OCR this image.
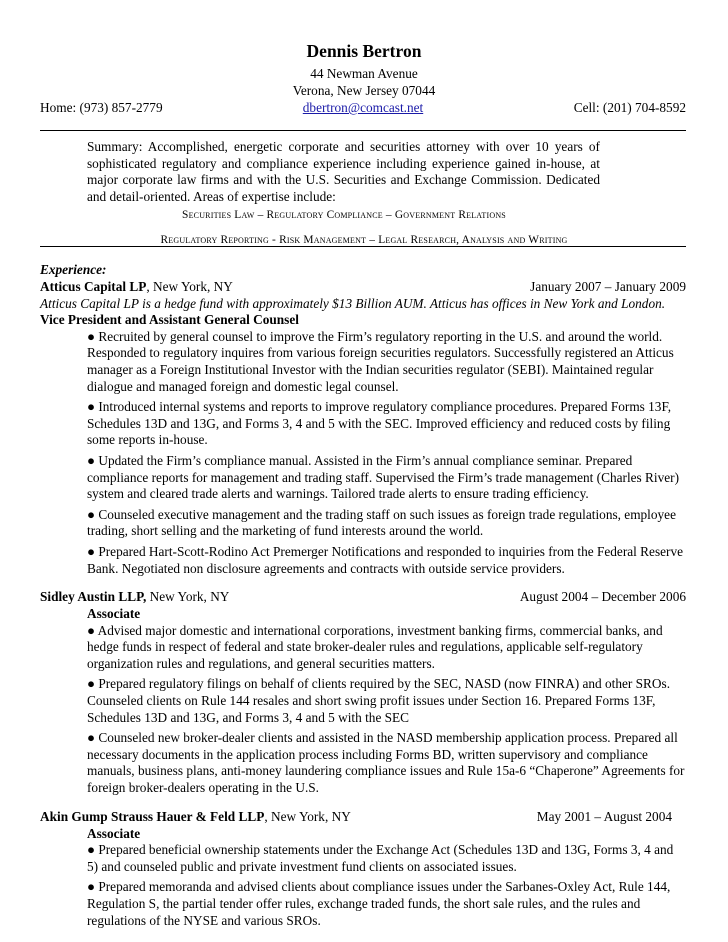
Dennis Bertron
44 Newman Avenue
Verona, New Jersey 07044
Home: (973) 857-2779	dbertron@comcast.net	Cell: (201) 704-8592
Summary: Accomplished, energetic corporate and securities attorney with over 10 years of sophisticated regulatory and compliance experience including experience gained in-house, at major corporate law firms and with the U.S. Securities and Exchange Commission. Dedicated and detail-oriented. Areas of expertise include:
Securities Law – Regulatory Compliance – Government Relations
Regulatory Reporting - Risk Management – Legal Research, Analysis and Writing
Experience:
Atticus Capital LP, New York, NY	January 2007 – January 2009
Atticus Capital LP is a hedge fund with approximately $13 Billion AUM. Atticus has offices in New York and London.
Vice President and Assistant General Counsel
● Recruited by general counsel to improve the Firm’s regulatory reporting in the U.S. and around the world. Responded to regulatory inquires from various foreign securities regulators. Successfully registered an Atticus manager as a Foreign Institutional Investor with the Indian securities regulator (SEBI). Maintained regular dialogue and managed foreign and domestic legal counsel.
● Introduced internal systems and reports to improve regulatory compliance procedures. Prepared Forms 13F, Schedules 13D and 13G, and Forms 3, 4 and 5 with the SEC. Improved efficiency and reduced costs by filing some reports in-house.
● Updated the Firm’s compliance manual. Assisted in the Firm’s annual compliance seminar. Prepared compliance reports for management and trading staff. Supervised the Firm’s trade management (Charles River) system and cleared trade alerts and warnings. Tailored trade alerts to ensure trading efficiency.
● Counseled executive management and the trading staff on such issues as foreign trade regulations, employee trading, short selling and the marketing of fund interests around the world.
● Prepared Hart-Scott-Rodino Act Premerger Notifications and responded to inquiries from the Federal Reserve Bank. Negotiated non disclosure agreements and contracts with outside service providers.
Sidley Austin LLP, New York, NY	August 2004 – December 2006
Associate
● Advised major domestic and international corporations, investment banking firms, commercial banks, and hedge funds in respect of federal and state broker-dealer rules and regulations, applicable self-regulatory organization rules and regulations, and general securities matters.
● Prepared regulatory filings on behalf of clients required by the SEC, NASD (now FINRA) and other SROs. Counseled clients on Rule 144 resales and short swing profit issues under Section 16. Prepared Forms 13F, Schedules 13D and 13G, and Forms 3, 4 and 5 with the SEC
● Counseled new broker-dealer clients and assisted in the NASD membership application process. Prepared all necessary documents in the application process including Forms BD, written supervisory and compliance manuals, business plans, anti-money laundering compliance issues and Rule 15a-6 “Chaperone” Agreements for foreign broker-dealers operating in the U.S.
Akin Gump Strauss Hauer & Feld LLP, New York, NY	May 2001 – August 2004
Associate
● Prepared beneficial ownership statements under the Exchange Act (Schedules 13D and 13G, Forms 3, 4 and 5) and counseled public and private investment fund clients on associated issues.
● Prepared memoranda and advised clients about compliance issues under the Sarbanes-Oxley Act, Rule 144, Regulation S, the partial tender offer rules, exchange traded funds, the short sale rules, and the rules and regulations of the NYSE and various SROs.
